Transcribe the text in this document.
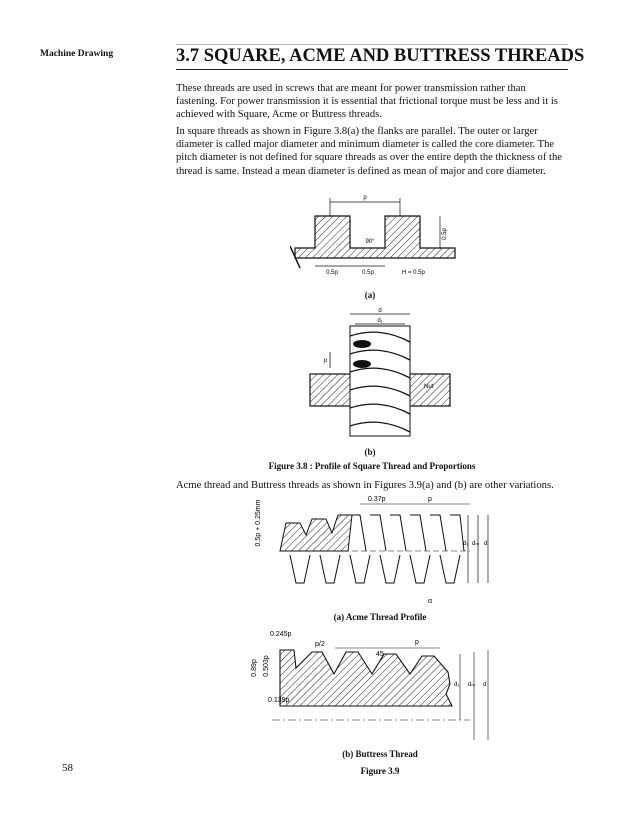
Machine Drawing	3.7 SQUARE, ACME AND BUTTRESS THREADS
These threads are used in screws that are meant for power transmission rather than fastening. For power transmission it is essential that frictional torque must be less and it is achieved with Square, Acme or Buttress threads.
In square threads as shown in Figure 3.8(a) the flanks are parallel. The outer or larger diameter is called major diameter and minimum diameter is called the core diameter. The pitch diameter is not defined for square threads as over the entire depth the thickness of the thread is same. Instead a mean diameter is defined as mean of major and core diameter.
p
0.5p
90°
0.5p	0.5p	H = 0.5p
(a)
d
d₁
p
Nut
(b)
Figure 3.8 : Profile of Square Thread and Proportions
Acme thread and Buttress threads as shown in Figures 3.9(a) and (b) are other variations.
0.5p + 0.25mm
0.37p	p
d₁ dₘ d
α
(a) Acme Thread Profile
0.245p
p/2	p
45
0.89p 0.503p
0.139p
d₁ dₘ d
(b) Buttress Thread
Figure 3.9
58
